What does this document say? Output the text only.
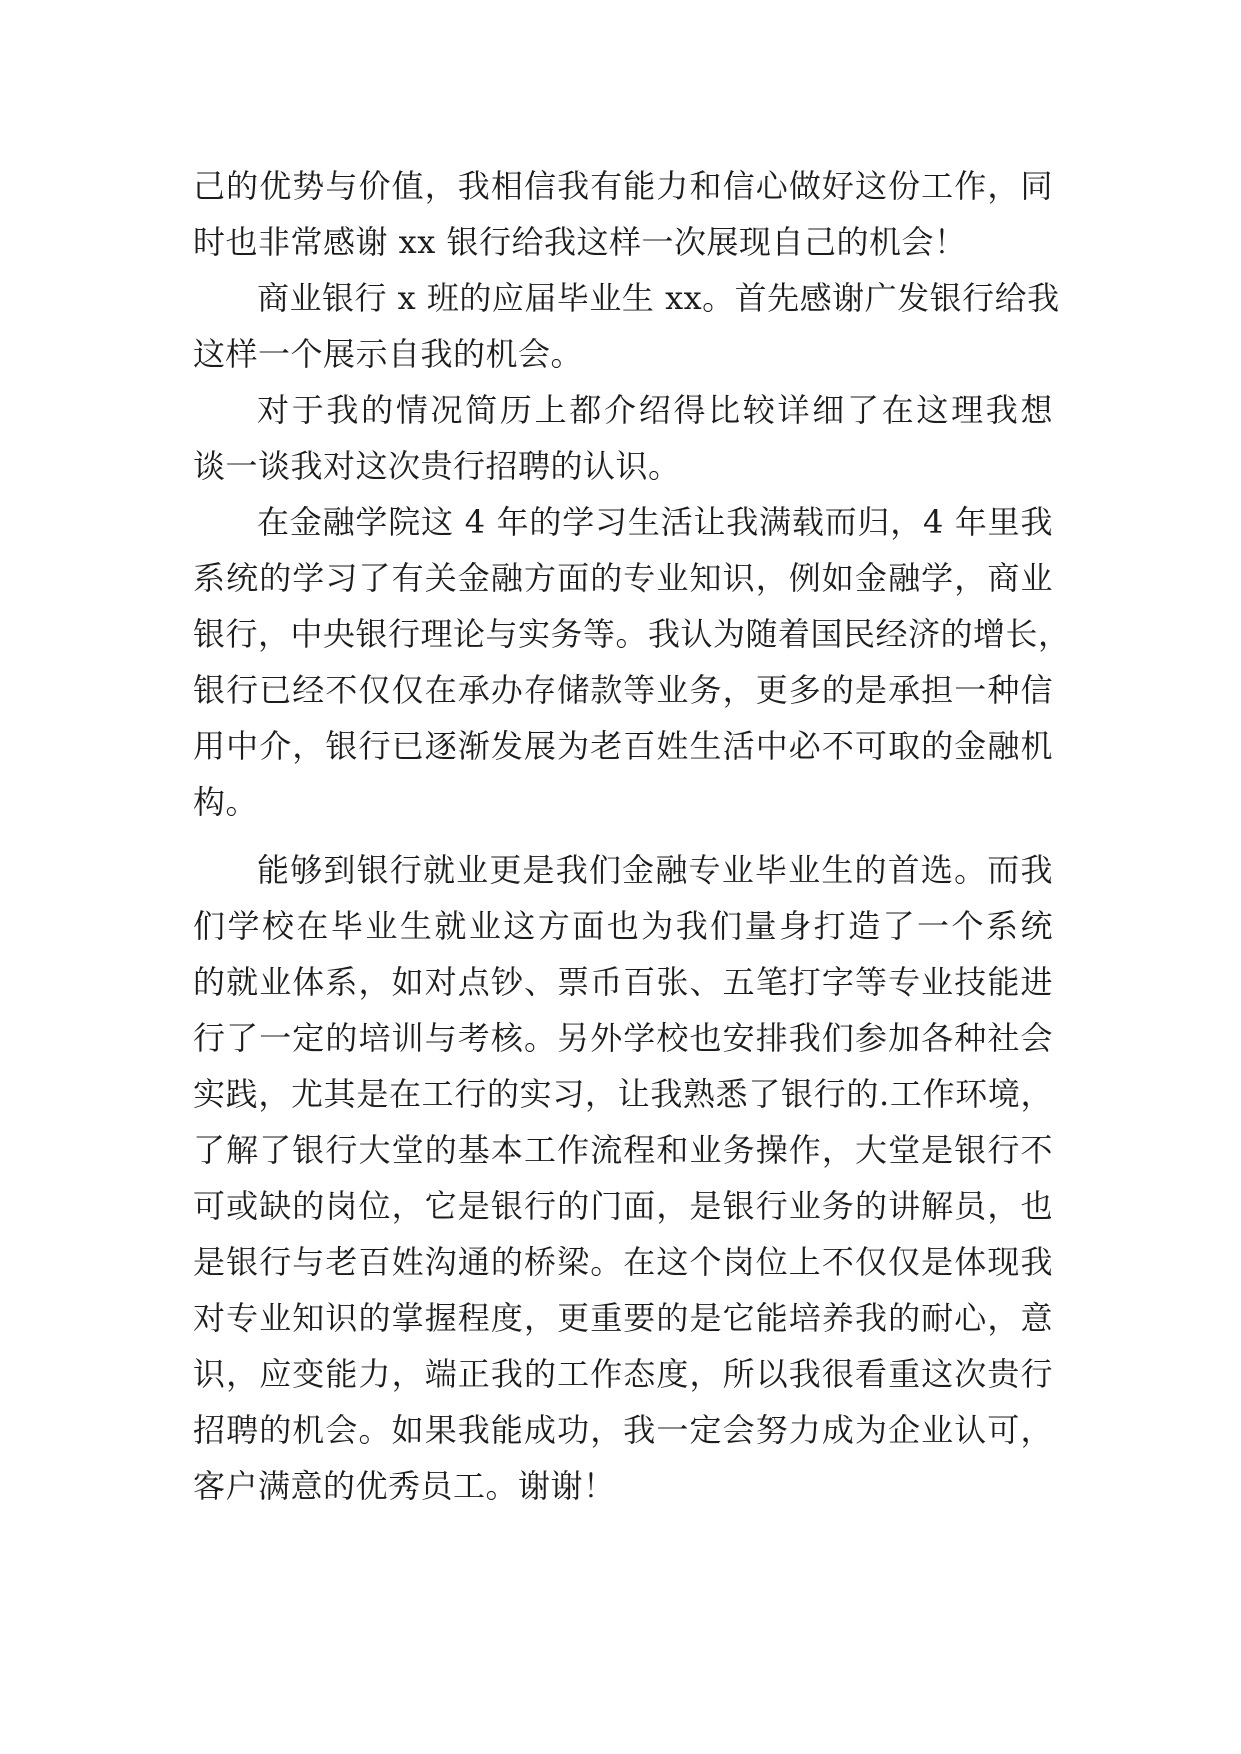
己的优势与价值，我相信我有能力和信心做好这份工作，同

时也非常感谢 xx 银行给我这样一次展现自己的机会！

商业银行 x 班的应届毕业生 xx。首先感谢广发银行给我

这样一个展示自我的机会。

对于我的情况简历上都介绍得比较详细了在这理我想

谈一谈我对这次贵行招聘的认识。

在金融学院这 4 年的学习生活让我满载而归，4 年里我

系统的学习了有关金融方面的专业知识，例如金融学，商业

银行，中央银行理论与实务等。我认为随着国民经济的增长，

银行已经不仅仅在承办存储款等业务，更多的是承担一种信

用中介，银行已逐渐发展为老百姓生活中必不可取的金融机

构。

能够到银行就业更是我们金融专业毕业生的首选。而我

们学校在毕业生就业这方面也为我们量身打造了一个系统

的就业体系，如对点钞、票币百张、五笔打字等专业技能进

行了一定的培训与考核。另外学校也安排我们参加各种社会

实践，尤其是在工行的实习，让我熟悉了银行的.工作环境，

了解了银行大堂的基本工作流程和业务操作，大堂是银行不

可或缺的岗位，它是银行的门面，是银行业务的讲解员，也

是银行与老百姓沟通的桥梁。在这个岗位上不仅仅是体现我

对专业知识的掌握程度，更重要的是它能培养我的耐心，意

识，应变能力，端正我的工作态度，所以我很看重这次贵行

招聘的机会。如果我能成功，我一定会努力成为企业认可，

客户满意的优秀员工。谢谢！
